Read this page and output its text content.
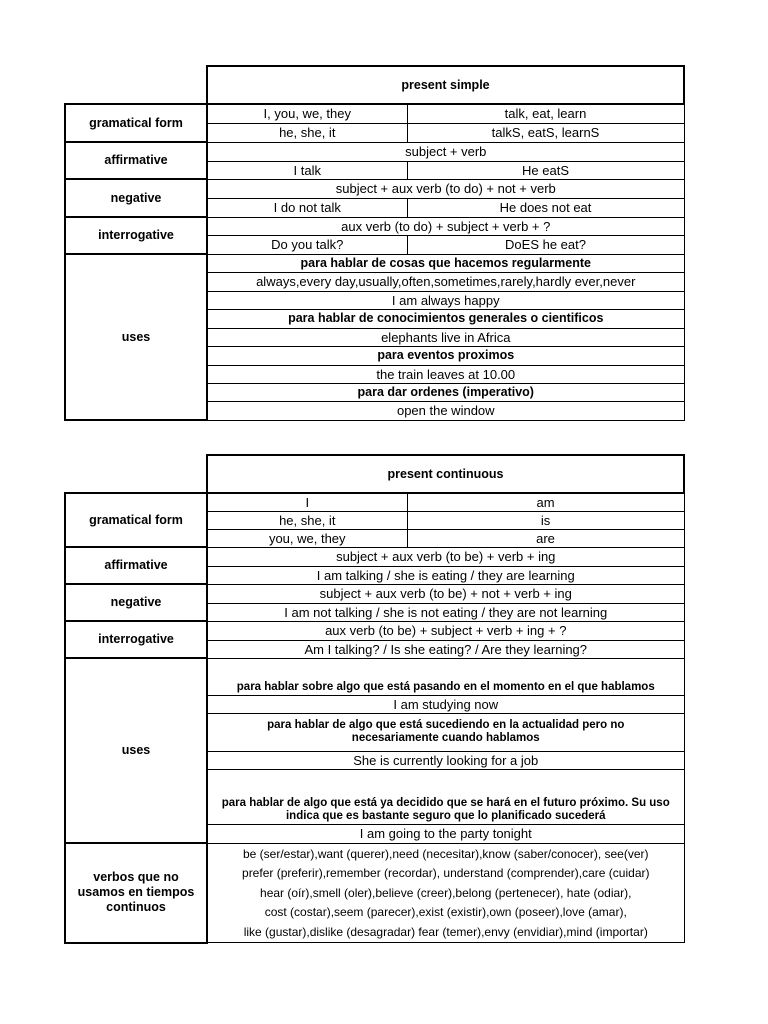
	present simple	
gramatical form	I, you, we, they	talk, eat, learn
	he, she, it	talkS, eatS, learnS
affirmative	subject + verb	
	I talk	He eatS
negative	subject + aux verb (to do) + not + verb	
	I do not talk	He does not eat
interrogative	aux verb (to do) + subject + verb + ?	
	Do you talk?	DoES he eat?
uses	para hablar de cosas que hacemos regularmente	
	always,every day,usually,often,sometimes,rarely,hardly ever,never	
	I am always happy	
	para hablar de conocimientos generales o cientificos	
	elephants live in Africa	
	para eventos proximos	
	the train leaves at 10.00	
	para dar ordenes (imperativo)	
	open the window	
	present continuous	
gramatical form	I	am
	he, she, it	is
	you, we, they	are
affirmative	subject + aux verb (to be) + verb + ing	
	I am talking / she is eating / they are learning	
negative	subject + aux verb (to be) + not + verb + ing	
	I am not talking / she is not eating / they are not learning	
interrogative	aux verb (to be) + subject + verb + ing + ?	
	Am I talking? / Is she eating? / Are they learning?	
uses	para hablar sobre algo que está pasando en el momento en el que hablamos	
	I am studying now	
	para hablar de algo que está sucediendo en la actualidad pero no necesariamente cuando hablamos	
	She is currently looking for a job	
	para hablar de algo que está ya decidido que se hará en el futuro próximo. Su uso indica que es bastante seguro que lo planificado sucederá	
	I am going to the party tonight	
verbos que no usamos en tiempos continuos	be (ser/estar),want (querer),need (necesitar),know (saber/conocer), see(ver)
prefer (preferir),remember (recordar), understand (comprender),care (cuidar)
hear (oír),smell (oler),believe (creer),belong (pertenecer), hate (odiar),
cost (costar),seem (parecer),exist (existir),own (poseer),love (amar),
like (gustar),dislike (desagradar) fear (temer),envy (envidiar),mind (importar)	
